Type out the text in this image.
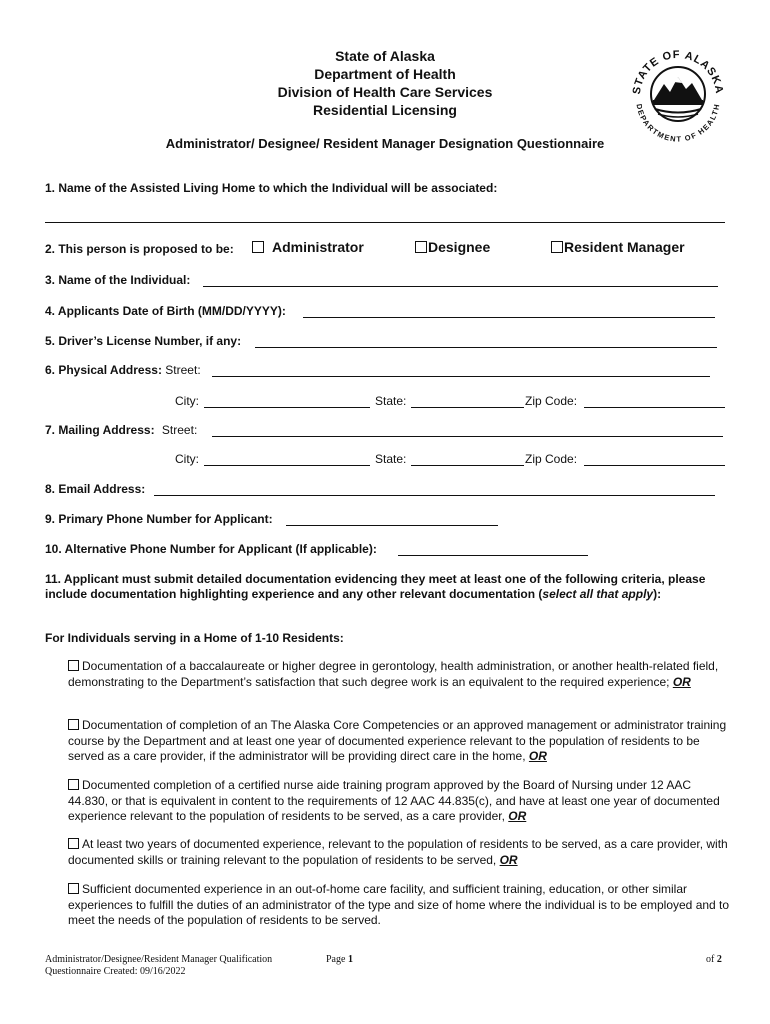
State of Alaska
Department of Health
Division of Health Care Services
Residential Licensing
STATE OF ALASKA
DEPARTMENT OF HEALTH
Administrator/ Designee/ Resident Manager Designation Questionnaire
1. Name of the Assisted Living Home to which the Individual will be associated:
2. This person is proposed to be:	Administrator	Designee	Resident Manager
3. Name of the Individual:
4. Applicants Date of Birth (MM/DD/YYYY):
5. Driver’s License Number, if any:
6. Physical Address: Street:
City:	State:	Zip Code:
7. Mailing Address: Street:
City:	State:	Zip Code:
8. Email Address:
9. Primary Phone Number for Applicant:
10. Alternative Phone Number for Applicant (If applicable):
11. Applicant must submit detailed documentation evidencing they meet at least one of the following criteria, please include documentation highlighting experience and any other relevant documentation (select all that apply):
For Individuals serving in a Home of 1-10 Residents:
Documentation of a baccalaureate or higher degree in gerontology, health administration, or another health-related field, demonstrating to the Department’s satisfaction that such degree work is an equivalent to the required experience; OR
Documentation of completion of an The Alaska Core Competencies or an approved management or administrator training course by the Department and at least one year of documented experience relevant to the population of residents to be served as a care provider, if the administrator will be providing direct care in the home, OR
Documented completion of a certified nurse aide training program approved by the Board of Nursing under 12 AAC 44.830, or that is equivalent in content to the requirements of 12 AAC 44.835(c), and have at least one year of documented experience relevant to the population of residents to be served, as a care provider, OR
At least two years of documented experience, relevant to the population of residents to be served, as a care provider, with documented skills or training relevant to the population of residents to be served, OR
Sufficient documented experience in an out-of-home care facility, and sufficient training, education, or other similar experiences to fulfill the duties of an administrator of the type and size of home where the individual is to be employed and to meet the needs of the population of residents to be served.
Administrator/Designee/Resident Manager Qualification
Questionnaire Created: 09/16/2022
Page 1	of 2
